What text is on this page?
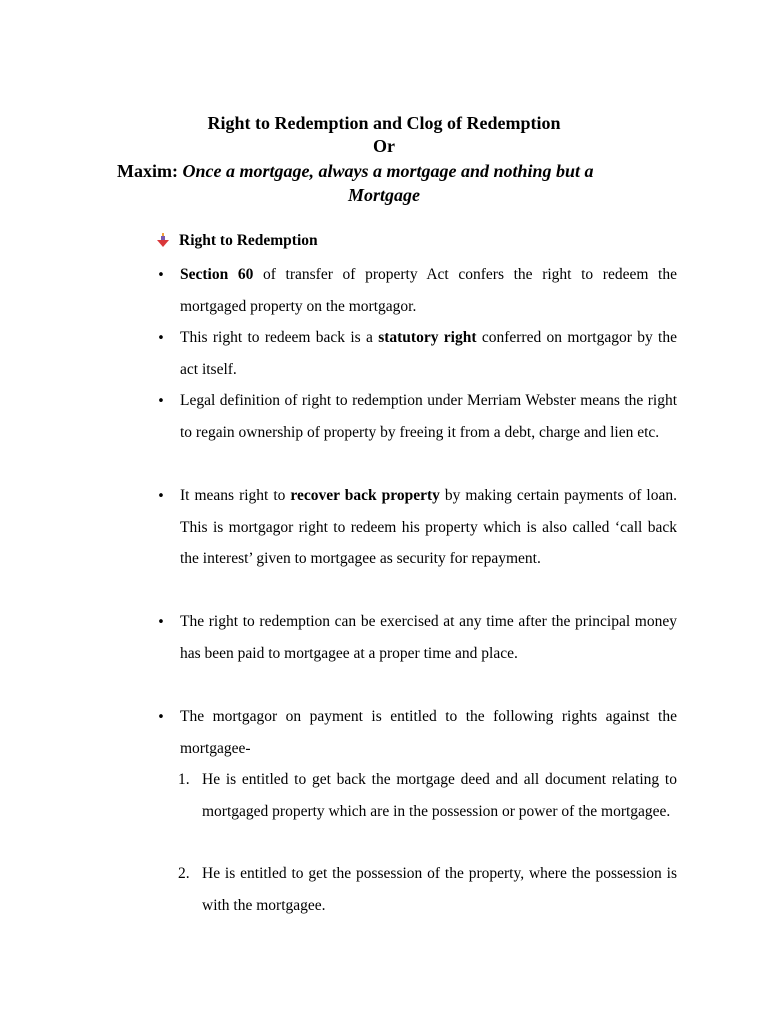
Right to Redemption and Clog of Redemption
Or
Maxim: Once a mortgage, always a mortgage and nothing but a
Mortgage
Right to Redemption
•
Section 60 of transfer of property Act confers the right to redeem the mortgaged property on the mortgagor.
•
This right to redeem back is a statutory right conferred on mortgagor by the act itself.
•
Legal definition of right to redemption under Merriam Webster means the right to regain ownership of property by freeing it from a debt, charge and lien etc.
•
It means right to recover back property by making certain payments of loan. This is mortgagor right to redeem his property which is also called ‘call back the interest’ given to mortgagee as security for repayment.
•
The right to redemption can be exercised at any time after the principal money has been paid to mortgagee at a proper time and place.
•
The mortgagor on payment is entitled to the following rights against the mortgagee-
1. He is entitled to get back the mortgage deed and all document relating to mortgaged property which are in the possession or power of the mortgagee.
2. He is entitled to get the possession of the property, where the possession is with the mortgagee.
